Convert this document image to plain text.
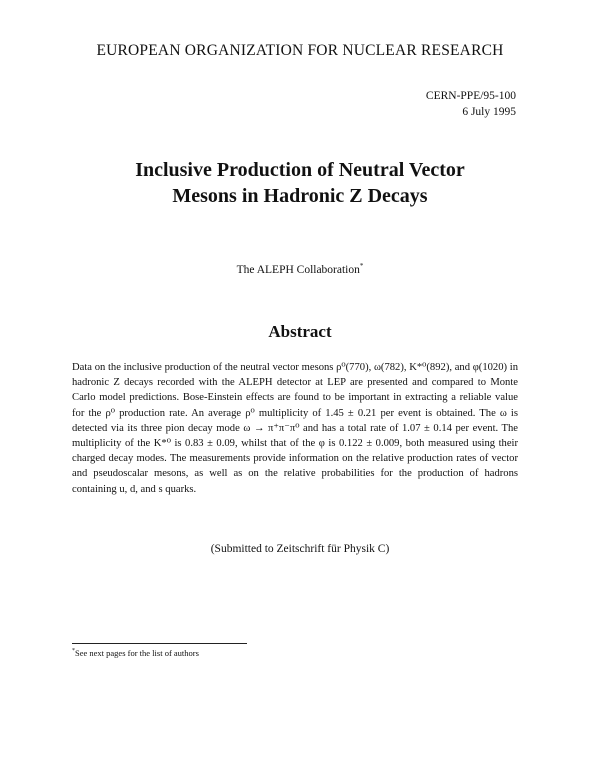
EUROPEAN ORGANIZATION FOR NUCLEAR RESEARCH
CERN-PPE/95-100
6 July 1995
Inclusive Production of Neutral Vector
Mesons in Hadronic Z Decays
The ALEPH Collaboration*
Abstract
Data on the inclusive production of the neutral vector mesons ρ⁰(770), ω(782), K*⁰(892), and φ(1020) in hadronic Z decays recorded with the ALEPH detector at LEP are presented and compared to Monte Carlo model predictions. Bose-Einstein effects are found to be important in extracting a reliable value for the ρ⁰ production rate. An average ρ⁰ multiplicity of 1.45 ± 0.21 per event is obtained. The ω is detected via its three pion decay mode ω → π⁺π⁻π⁰ and has a total rate of 1.07 ± 0.14 per event. The multiplicity of the K*⁰ is 0.83 ± 0.09, whilst that of the φ is 0.122 ± 0.009, both measured using their charged decay modes. The measurements provide information on the relative production rates of vector and pseudoscalar mesons, as well as on the relative probabilities for the production of hadrons containing u, d, and s quarks.
(Submitted to Zeitschrift für Physik C)
*See next pages for the list of authors
